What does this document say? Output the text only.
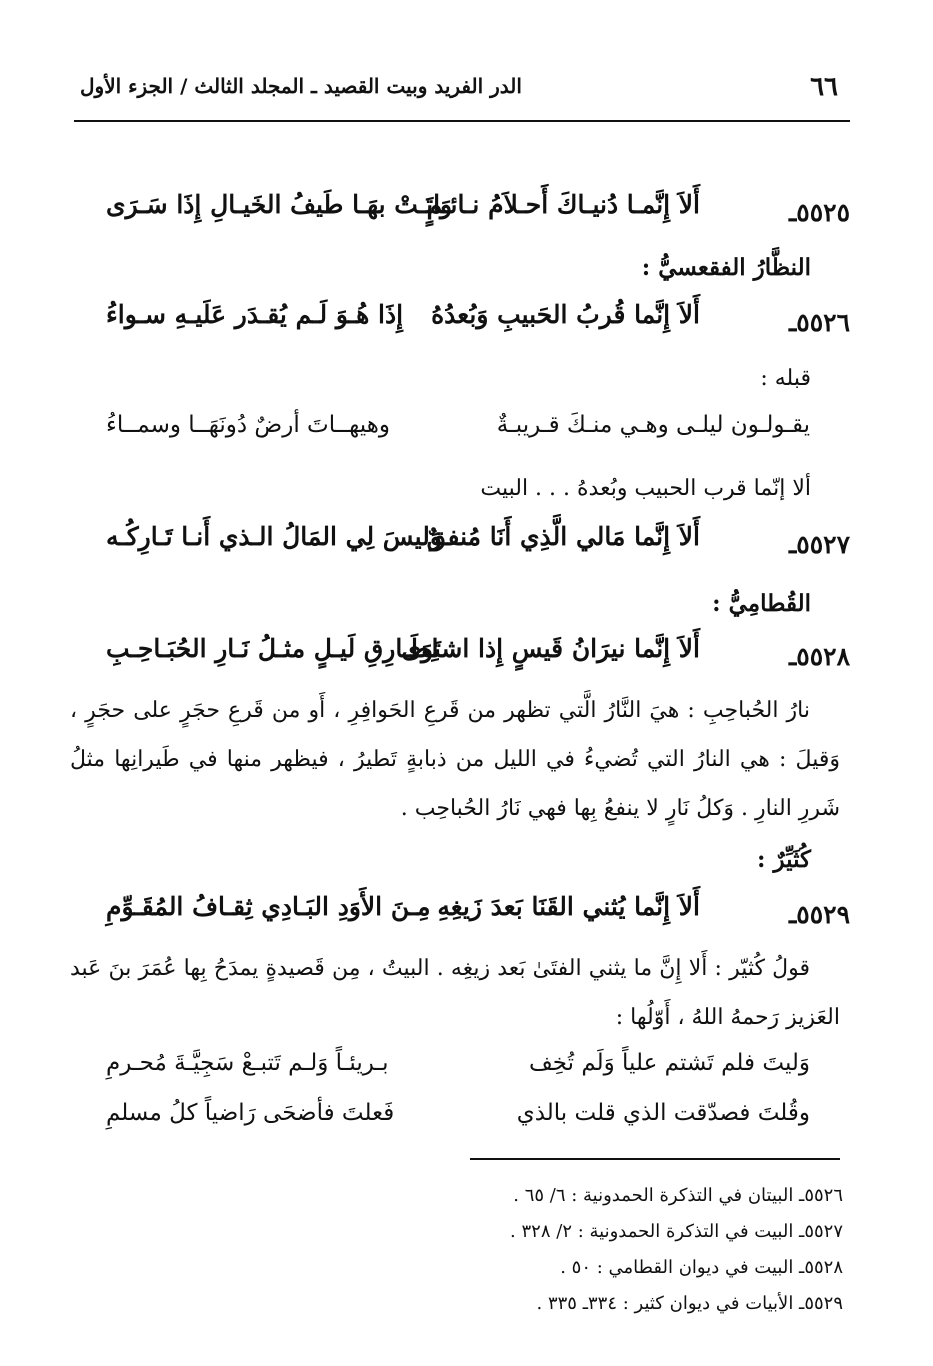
٦٦
الدر الفريد وبيت القصيد ـ المجلد الثالث / الجزء الأول
٥٥٢٥ـ
أَلاَ إِنَّمـا دُنيـاكَ أَحـلاَمُ نـائـمٍ
وَاتَـتْ بهَـا طَيفُ الخَيـالِ إِذَا سَـرَى
النظَّارُ الفقعسيُّ :
٥٥٢٦ـ
أَلاَ إِنَّما قُربُ الحَبيبِ وَبُعدُهُ
إِذَا هُـوَ لَـم يُقـدَر عَلَيـهِ سـواءُ
قبله :
يقـولـون ليلـى وهـي منـكَ قـريبـةٌ
وهيهــاتَ أرضٌ دُونَهَــا وسمــاءُ
ألا إنّما قرب الحبيب وبُعدهُ . . . البيت
٥٥٢٧ـ
أَلاَ إِنَّما مَالي الَّذِي أَنَا مُنفقٌ
وَليسَ لِي المَالُ الـذي أَنـا تَـارِكُـه
القُطامِيُّ :
٥٥٢٨ـ
أَلاَ إِنَّما نيرَانُ قَيسٍ إِذا اشتَوَى
لِطَـارِقِ لَيـلٍ مثـلُ نَـارِ الحُبَـاحِـبِ
نارُ الحُباحِبِ : هيَ النَّارُ الَّتي تظهر من قَرعِ الحَوافِرِ ، أَو من قَرعِ حجَرٍ على حجَرٍ ، وَقيلَ : هي النارُ التي تُضيءُ في الليل من ذبابةٍ تَطيرُ ، فيظهر منها في طَيرانِها مثلُ شَررِ النارِ . وَكلُ نَارٍ لا ينفعُ بِها فهي نَارُ الحُباحِب .
كُثَيِّرٌ :
٥٥٢٩ـ
أَلاَ إِنَّما يُثني القَنَا بَعدَ زَيغِهِ
مِـنَ الأَوَدِ البَـادِي ثِقـافُ المُقَـوِّمِ
قولُ كُثيّر : أَلا إِنَّ ما يثني الفتَىٰ بَعد زيغِه . البيتُ ، مِن قَصيدةٍ يمدَحُ بِها عُمَرَ بنَ عَبد العَزيز رَحمهُ اللهُ ، أَوّلُها :
وَليتَ فلم تَشتم علياً وَلَم تُخِف
بـريئـاً وَلـم تَتبـعْ سَجِيَّـةَ مُحـرمِ
وقُلتَ فصدّقت الذي قلت بالذي
فَعلتَ فأضحَى رَاضياً كلُ مسلمِ
٥٥٢٦ـ البيتان في التذكرة الحمدونية : ٦/ ٦٥ .
٥٥٢٧ـ البيت في التذكرة الحمدونية : ٢/ ٣٢٨ .
٥٥٢٨ـ البيت في ديوان القطامي : ٥٠ .
٥٥٢٩ـ الأبيات في ديوان كثير : ٣٣٤ـ ٣٣٥ .
